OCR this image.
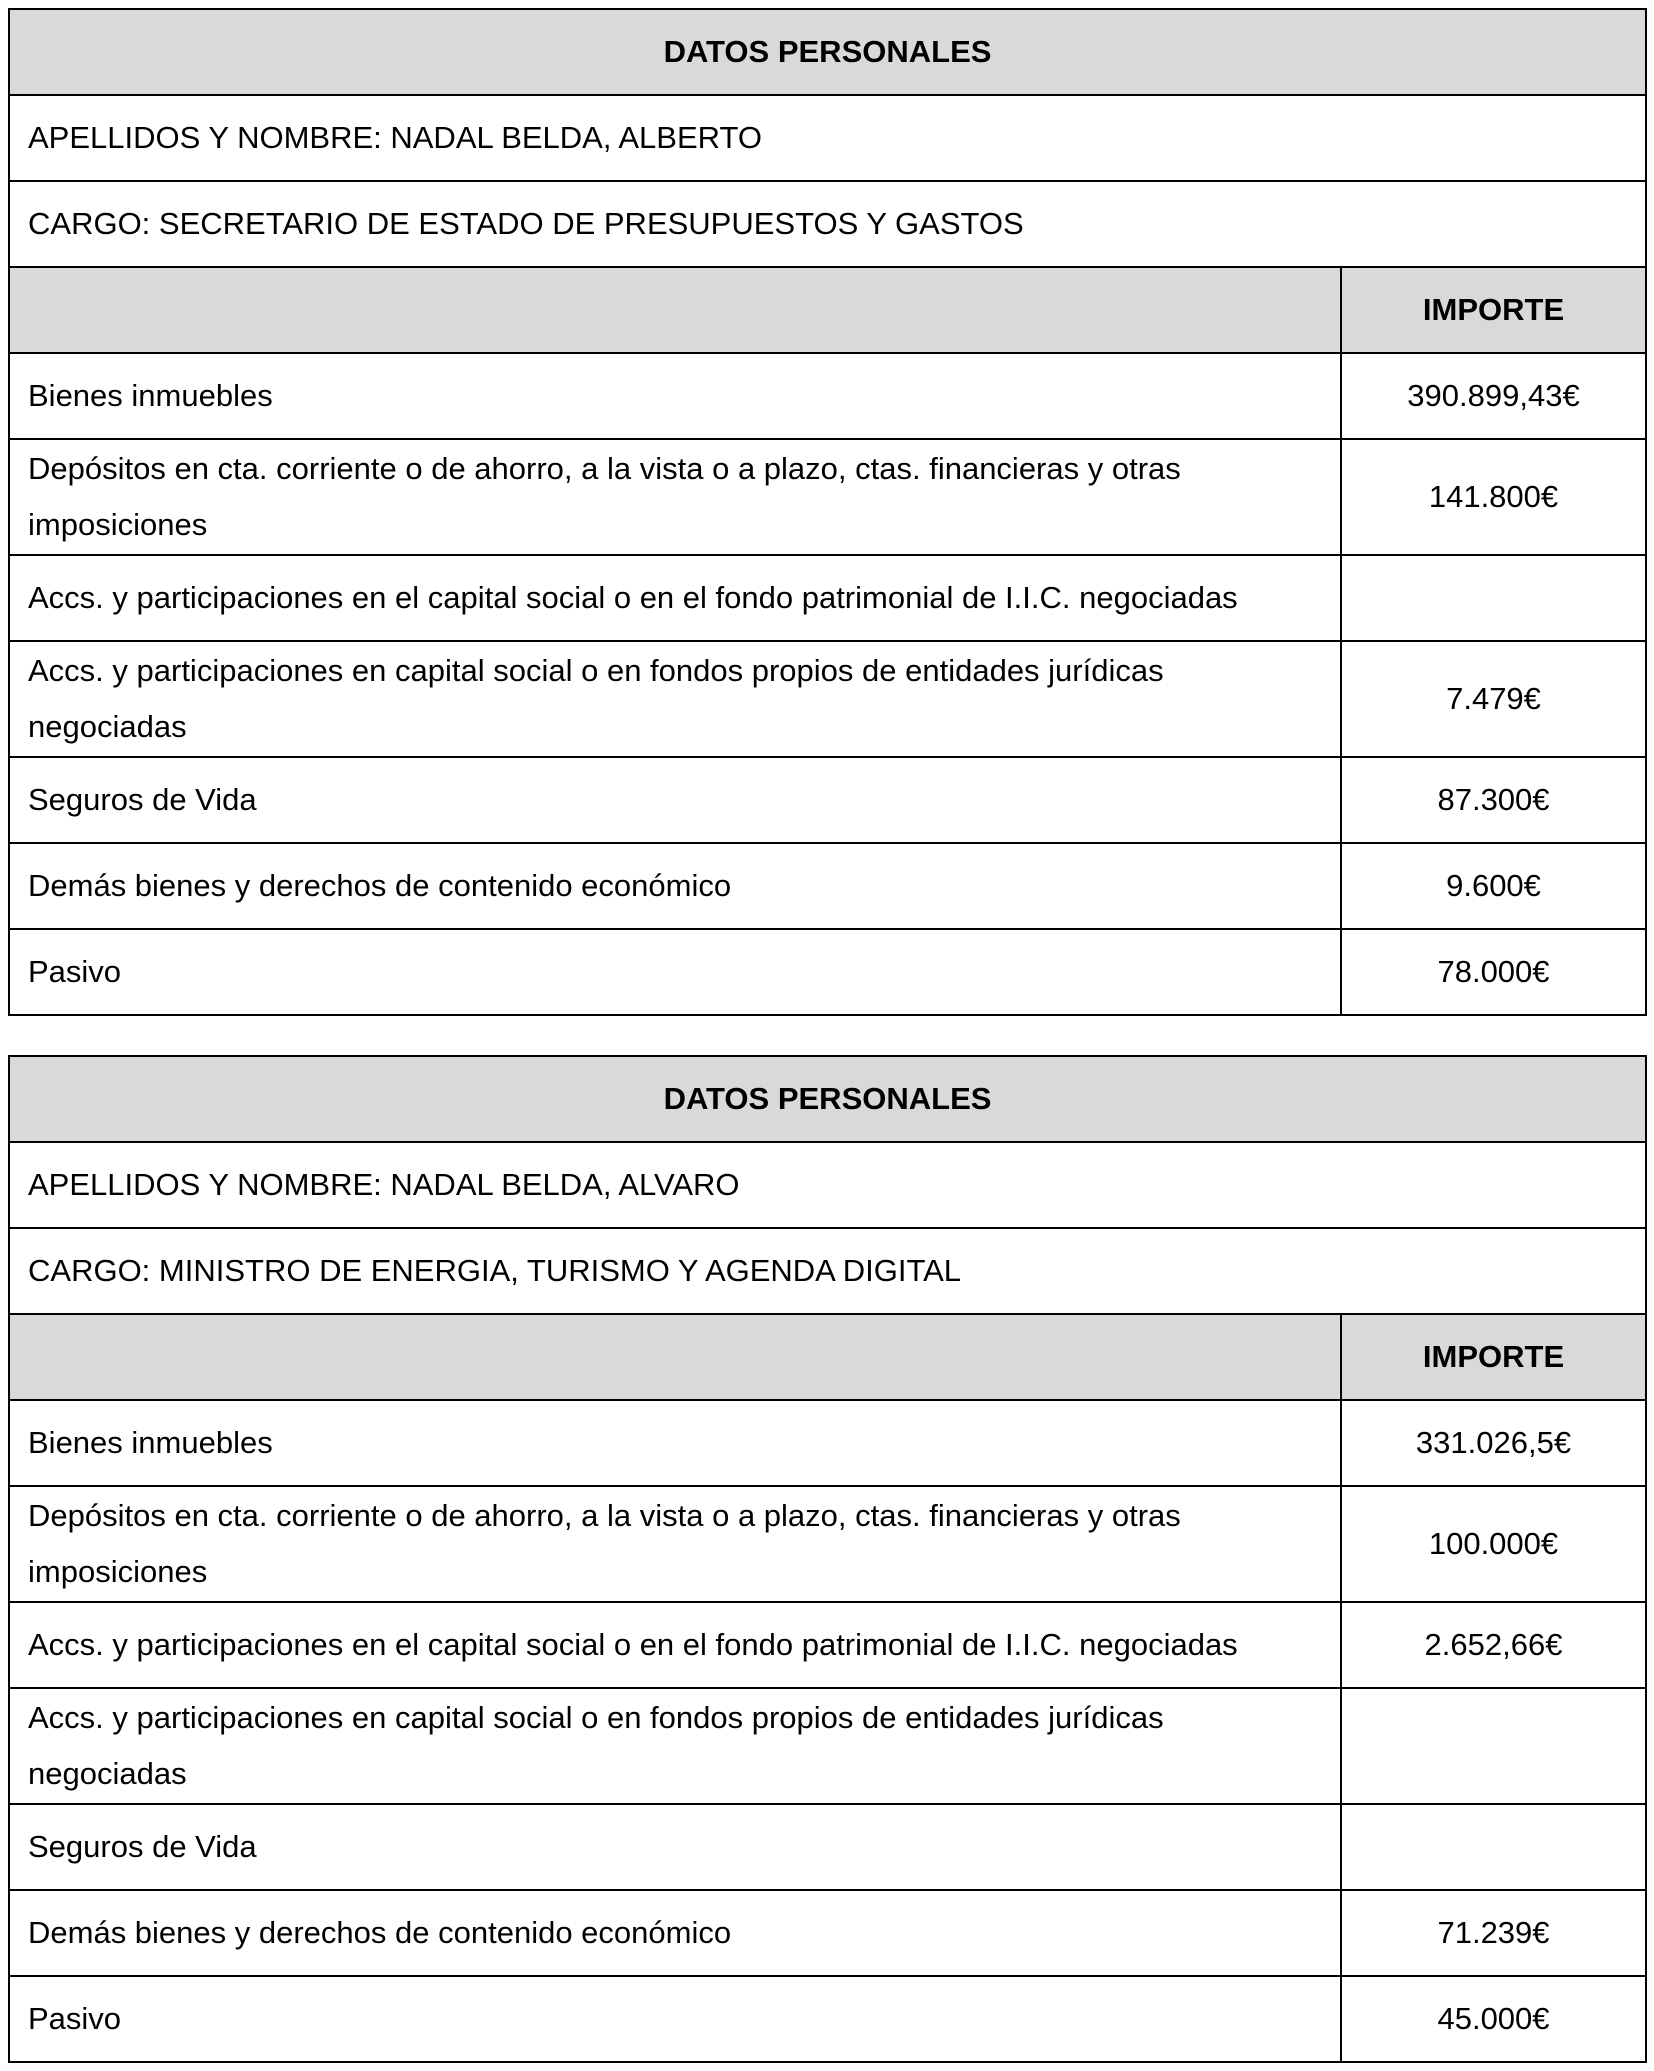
DATOS PERSONALES	
APELLIDOS Y NOMBRE: NADAL BELDA, ALBERTO	
CARGO: SECRETARIO DE ESTADO DE PRESUPUESTOS Y GASTOS	
	IMPORTE
Bienes inmuebles	390.899,43€
Depósitos en cta. corriente o de ahorro, a la vista o a plazo, ctas. financieras y otras imposiciones	141.800€
Accs. y participaciones en el capital social o en el fondo patrimonial de I.I.C. negociadas	
Accs. y participaciones en capital social o en fondos propios de entidades jurídicas negociadas	7.479€
Seguros de Vida	87.300€
Demás bienes y derechos de contenido económico	9.600€
Pasivo	78.000€
DATOS PERSONALES	
APELLIDOS Y NOMBRE: NADAL BELDA, ALVARO	
CARGO: MINISTRO DE ENERGIA, TURISMO Y AGENDA DIGITAL	
	IMPORTE
Bienes inmuebles	331.026,5€
Depósitos en cta. corriente o de ahorro, a la vista o a plazo, ctas. financieras y otras imposiciones	100.000€
Accs. y participaciones en el capital social o en el fondo patrimonial de I.I.C. negociadas	2.652,66€
Accs. y participaciones en capital social o en fondos propios de entidades jurídicas negociadas	
Seguros de Vida	
Demás bienes y derechos de contenido económico	71.239€
Pasivo	45.000€
